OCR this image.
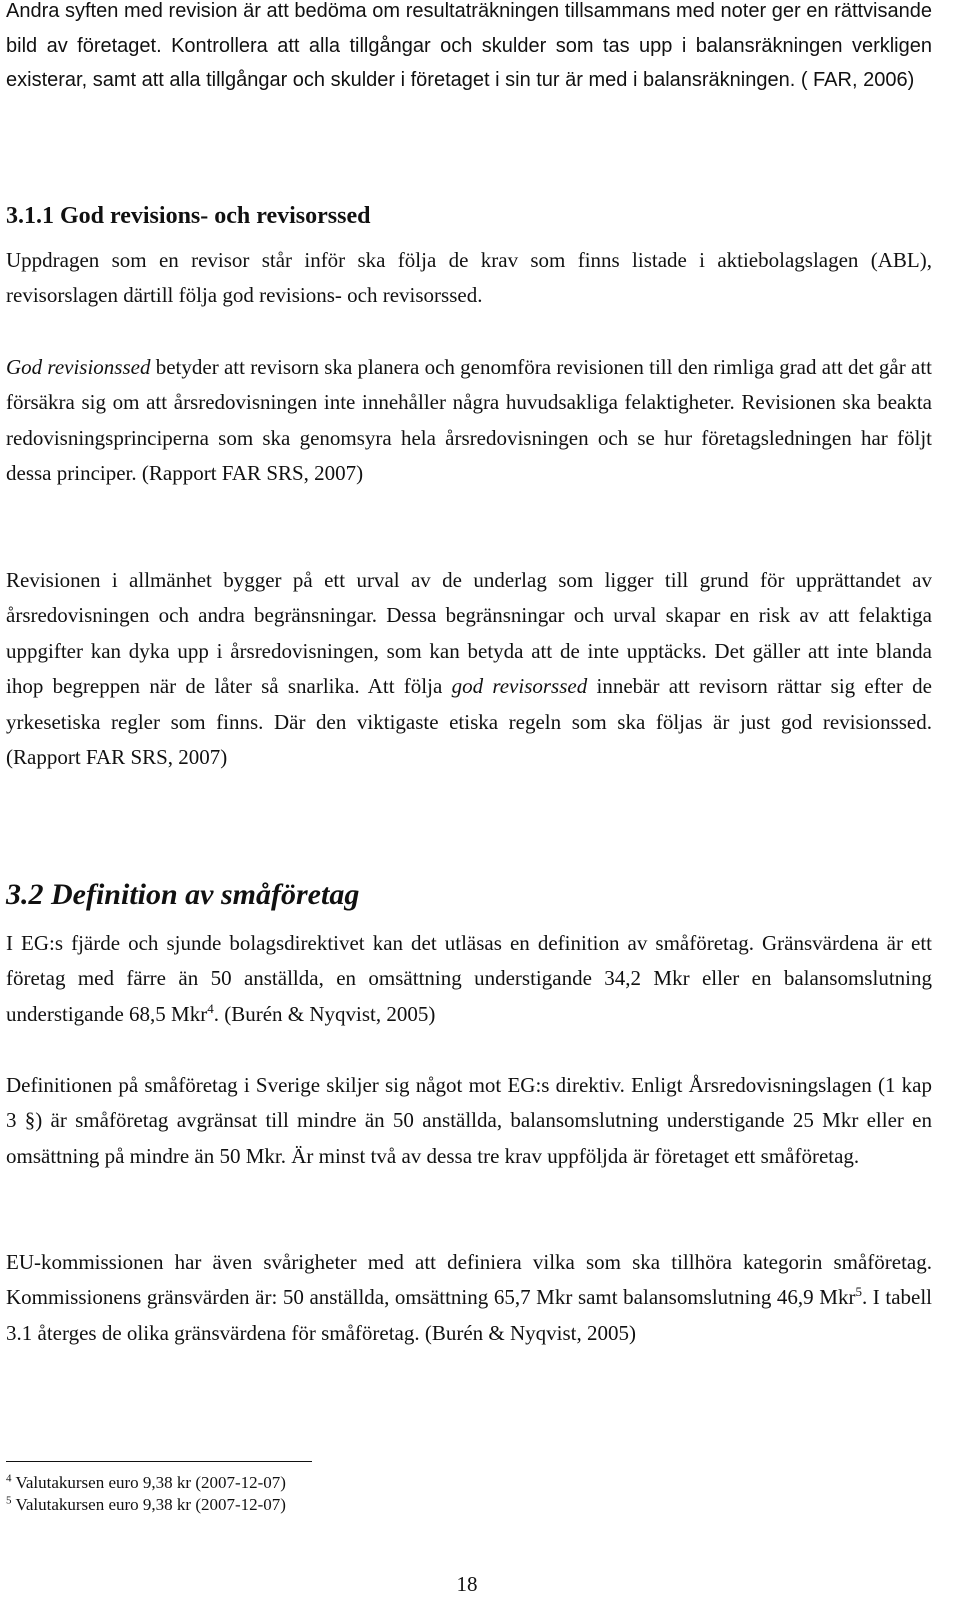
Andra syften med revision är att bedöma om resultaträkningen tillsammans med noter ger en rättvisande bild av företaget. Kontrollera att alla tillgångar och skulder som tas upp i balansräkningen verkligen existerar, samt att alla tillgångar och skulder i företaget i sin tur är med i balansräkningen. ( FAR, 2006)

3.1.1 God revisions- och revisorssed

Uppdragen som en revisor står inför ska följa de krav som finns listade i aktiebolagslagen (ABL), revisorslagen därtill följa god revisions- och revisorssed.

God revisionssed betyder att revisorn ska planera och genomföra revisionen till den rimliga grad att det går att försäkra sig om att årsredovisningen inte innehåller några huvudsakliga felaktigheter. Revisionen ska beakta redovisningsprinciperna som ska genomsyra hela årsredovisningen och se hur företagsledningen har följt dessa principer. (Rapport FAR SRS, 2007)

Revisionen i allmänhet bygger på ett urval av de underlag som ligger till grund för upprättandet av årsredovisningen och andra begränsningar. Dessa begränsningar och urval skapar en risk av att felaktiga uppgifter kan dyka upp i årsredovisningen, som kan betyda att de inte upptäcks. Det gäller att inte blanda ihop begreppen när de låter så snarlika. Att följa god revisorssed innebär att revisorn rättar sig efter de yrkesetiska regler som finns. Där den viktigaste etiska regeln som ska följas är just god revisionssed. (Rapport FAR SRS, 2007)

3.2 Definition av småföretag

I EG:s fjärde och sjunde bolagsdirektivet kan det utläsas en definition av småföretag. Gränsvärdena är ett företag med färre än 50 anställda, en omsättning understigande 34,2 Mkr eller en balansomslutning understigande 68,5 Mkr$^4$. (Burén & Nyqvist, 2005)

Definitionen på småföretag i Sverige skiljer sig något mot EG:s direktiv. Enligt Årsredovisningslagen (1 kap 3 §) är småföretag avgränsat till mindre än 50 anställda, balansomslutning understigande 25 Mkr eller en omsättning på mindre än 50 Mkr. Är minst två av dessa tre krav uppföljda är företaget ett småföretag.

EU-kommissionen har även svårigheter med att definiera vilka som ska tillhöra kategorin småföretag. Kommissionens gränsvärden är: 50 anställda, omsättning 65,7 Mkr samt balansomslutning 46,9 Mkr$^5$. I tabell 3.1 återges de olika gränsvärdena för småföretag. (Burén & Nyqvist, 2005)

$^4$ Valutakursen euro 9,38 kr (2007-12-07)
$^5$ Valutakursen euro 9,38 kr (2007-12-07)
18
